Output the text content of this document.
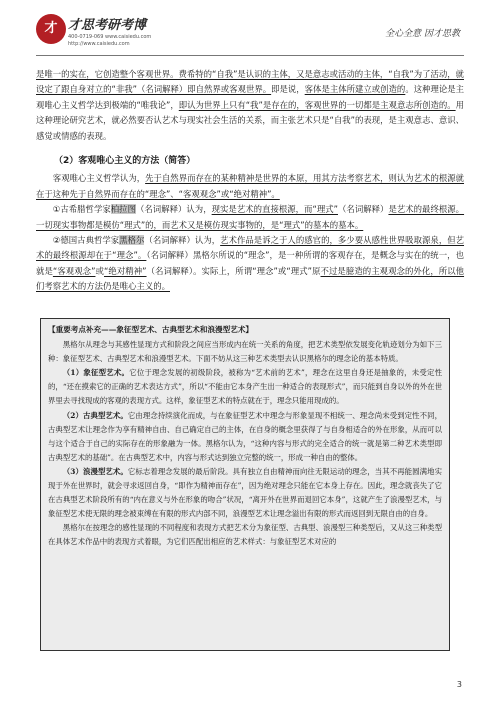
才 才思考研考博
400-0719-069 www.caisiedu.com
http://www.caisiedu.com
全心全意 因才思教

是唯一的实在，它创造整个客观世界。费希特的“自我”是认识的主体，又是意志或活动的主体，“自我”为了活动，就设定了跟自身对立的“非我”（名词解释）即自然界或客观世界。即是说，客体是主体所建立或创造的。这种理论是主观唯心主义哲学达到极端的“唯我论”，即认为世界上只有“我”是存在的，客观世界的一切都是主观意志所创造的。用这种理论研究艺术，就必然要否认艺术与现实社会生活的关系，而主张艺术只是“自我”的表现，是主观意志、意识、感觉或情感的表现。

（2）客观唯心主义的方法（简答）

客观唯心主义哲学认为，先于自然界而存在的某种精神是世界的本原，用其方法考察艺术，则认为艺术的根源就在于这种先于自然界而存在的“理念”、“客观观念”或“绝对精神”。

①古希腊哲学家柏拉图（名词解释）认为，现实是艺术的直接根源，而“理式”（名词解释）是艺术的最终根源。一切现实事物都是模仿“理式”的，而艺术又是模仿现实事物的，是“理式”的墓本的墓本。

②德国古典哲学家黑格尔（名词解释）认为，艺术作品是诉之于人的感官的，多少要从感性世界吸取源泉，但艺术的最终根源却在于“理念”。（名词解释）黑格尔所说的“理念”，是一种所谓的客观存在，是概念与实在的统一，也就是“客观观念”或“绝对精神”（名词解释）。实际上，所谓“理念”或“理式”原不过是臆造的主观观念的外化，所以他们考察艺术的方法仍是唯心主义的。

【重要考点补充——象征型艺术、古典型艺术和浪漫型艺术】

黑格尔从理念与其感性显现方式和阶段之间应当形成内在统一关系的角度，把艺术类型依发展变化轨迹划分为如下三种：象征型艺术、古典型艺术和浪漫型艺术。下面不妨从这三种艺术类型去认识黑格尔的理念论的基本特质。

（1）象征型艺术。它位于理念发展的初级阶段，被称为“艺术前的艺术”，理念在这里自身还是抽象的，未受定性的，“还在摸索它的正确的艺术表达方式”，所以“不能由它本身产生出一种适合的表现形式”，而只能到自身以外的外在世界里去寻找现成的客观的表现方式。这样，象征型艺术的特点就在于，理念只能用现成的。

（2）古典型艺术。它由理念持续演化而成，与在象征型艺术中理念与形象显现不相统一、理念尚未受到定性不同，古典型艺术让理念作为享有精神自由、自己确定自己的主体，在自身的概念里获得了与自身相适合的外在形象，从而可以与这个适合于自己的实际存在的形象融为一体。黑格尔认为，“这种内容与形式的完全适合的统一就是第二种艺术类型即古典型艺术的基础”。在古典型艺术中，内容与形式达到独立完整的统一，形成一种自由的整体。

（3）浪漫型艺术。它标志着理念发展的最后阶段。具有独立自由精神而向往无限运动的理念，当其不再能圆满地实现于外在世界时，就会寻求返回自身，“即作为精神而存在”，因为绝对理念只能在它本身上存在。因此，理念就丧失了它在古典型艺术阶段所有的“内在意义与外在形象的吻合”状况，“离开外在世界而退回它本身”，这就产生了浪漫型艺术，与象征型艺术使无限的理念被束缚在有限的形式内部不同，浪漫型艺术让理念溢出有限的形式而返回到无限自由的自身。

黑格尔在按理念的感性显现的不同程度和表现方式把艺术分为象征型、古典型、浪漫型三种类型后，又从这三种类型在具体艺术作品中的表现方式着眼，为它们匹配出相应的艺术样式：与象征型艺术对应的

3
